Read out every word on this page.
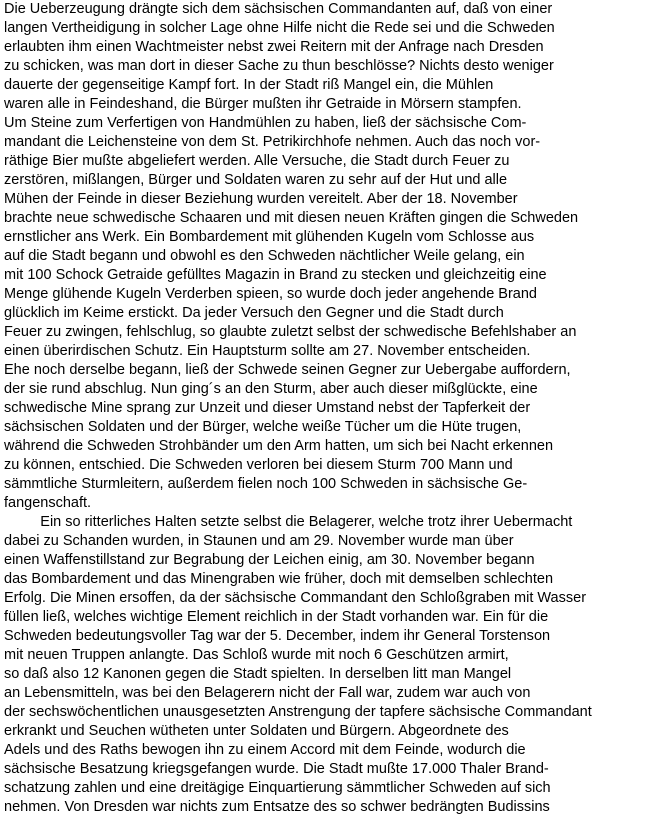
Die Ueberzeugung drängte sich dem sächsischen Commandanten auf, daß von einer
langen Vertheidigung in solcher Lage ohne Hilfe nicht die Rede sei und die Schweden
erlaubten ihm einen Wachtmeister nebst zwei Reitern mit der Anfrage nach Dresden
zu schicken, was man dort in dieser Sache zu thun beschlösse? Nichts desto weniger
dauerte der gegenseitige Kampf fort. In der Stadt riß Mangel ein, die Mühlen
waren alle in Feindeshand, die Bürger mußten ihr Getraide in Mörsern stampfen.
Um Steine zum Verfertigen von Handmühlen zu haben, ließ der sächsische Com-
mandant die Leichensteine von dem St. Petrikirchhofe nehmen. Auch das noch vor-
räthige Bier mußte abgeliefert werden. Alle Versuche, die Stadt durch Feuer zu
zerstören, mißlangen, Bürger und Soldaten waren zu sehr auf der Hut und alle
Mühen der Feinde in dieser Beziehung wurden vereitelt. Aber der 18. November
brachte neue schwedische Schaaren und mit diesen neuen Kräften gingen die Schweden
ernstlicher ans Werk. Ein Bombardement mit glühenden Kugeln vom Schlosse aus
auf die Stadt begann und obwohl es den Schweden nächtlicher Weile gelang, ein
mit 100 Schock Getraide gefülltes Magazin in Brand zu stecken und gleichzeitig eine
Menge glühende Kugeln Verderben spieen, so wurde doch jeder angehende Brand
glücklich im Keime erstickt. Da jeder Versuch den Gegner und die Stadt durch
Feuer zu zwingen, fehlschlug, so glaubte zuletzt selbst der schwedische Befehlshaber an
einen überirdischen Schutz. Ein Hauptsturm sollte am 27. November entscheiden.
Ehe noch derselbe begann, ließ der Schwede seinen Gegner zur Uebergabe auffordern,
der sie rund abschlug. Nun ging´s an den Sturm, aber auch dieser mißglückte, eine
schwedische Mine sprang zur Unzeit und dieser Umstand nebst der Tapferkeit der
sächsischen Soldaten und der Bürger, welche weiße Tücher um die Hüte trugen,
während die Schweden Strohbänder um den Arm hatten, um sich bei Nacht erkennen
zu können, entschied. Die Schweden verloren bei diesem Sturm 700 Mann und
sämmtliche Sturmleitern, außerdem fielen noch 100 Schweden in sächsische Ge-
fangenschaft.
Ein so ritterliches Halten setzte selbst die Belagerer, welche trotz ihrer Uebermacht
dabei zu Schanden wurden, in Staunen und am 29. November wurde man über
einen Waffenstillstand zur Begrabung der Leichen einig, am 30. November begann
das Bombardement und das Minengraben wie früher, doch mit demselben schlechten
Erfolg. Die Minen ersoffen, da der sächsische Commandant den Schloßgraben mit Wasser
füllen ließ, welches wichtige Element reichlich in der Stadt vorhanden war. Ein für die
Schweden bedeutungsvoller Tag war der 5. December, indem ihr General Torstenson
mit neuen Truppen anlangte. Das Schloß wurde mit noch 6 Geschützen armirt,
so daß also 12 Kanonen gegen die Stadt spielten. In derselben litt man Mangel
an Lebensmitteln, was bei den Belagerern nicht der Fall war, zudem war auch von
der sechswöchentlichen unausgesetzten Anstrengung der tapfere sächsische Commandant
erkrankt und Seuchen wütheten unter Soldaten und Bürgern. Abgeordnete des
Adels und des Raths bewogen ihn zu einem Accord mit dem Feinde, wodurch die
sächsische Besatzung kriegsgefangen wurde. Die Stadt mußte 17.000 Thaler Brand-
schatzung zahlen und eine dreitägige Einquartierung sämmtlicher Schweden auf sich
nehmen. Von Dresden war nichts zum Entsatze des so schwer bedrängten Budissins
